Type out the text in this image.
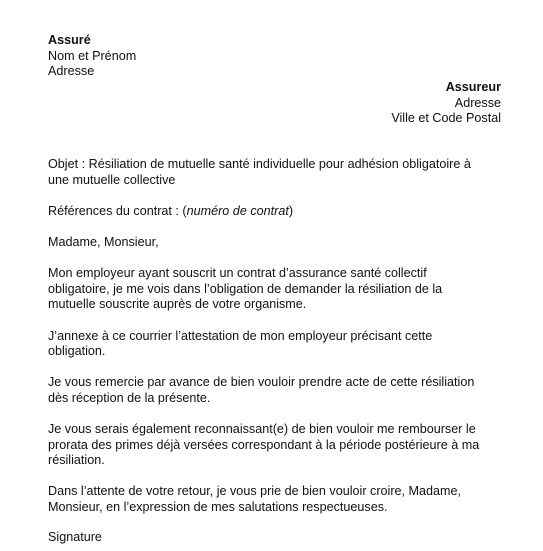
Assuré
Nom et Prénom
Adresse
Assureur
Adresse
Ville et Code Postal

Objet : Résiliation de mutuelle santé individuelle pour adhésion obligatoire à
une mutuelle collective

Références du contrat : (numéro de contrat)

Madame, Monsieur,

Mon employeur ayant souscrit un contrat d’assurance santé collectif
obligatoire, je me vois dans l’obligation de demander la résiliation de la
mutuelle souscrite auprès de votre organisme.

J’annexe à ce courrier l’attestation de mon employeur précisant cette
obligation.

Je vous remercie par avance de bien vouloir prendre acte de cette résiliation
dès réception de la présente.

Je vous serais également reconnaissant(e) de bien vouloir me rembourser le
prorata des primes déjà versées correspondant à la période postérieure à ma
résiliation.

Dans l’attente de votre retour, je vous prie de bien vouloir croire, Madame,
Monsieur, en l’expression de mes salutations respectueuses.

Signature
